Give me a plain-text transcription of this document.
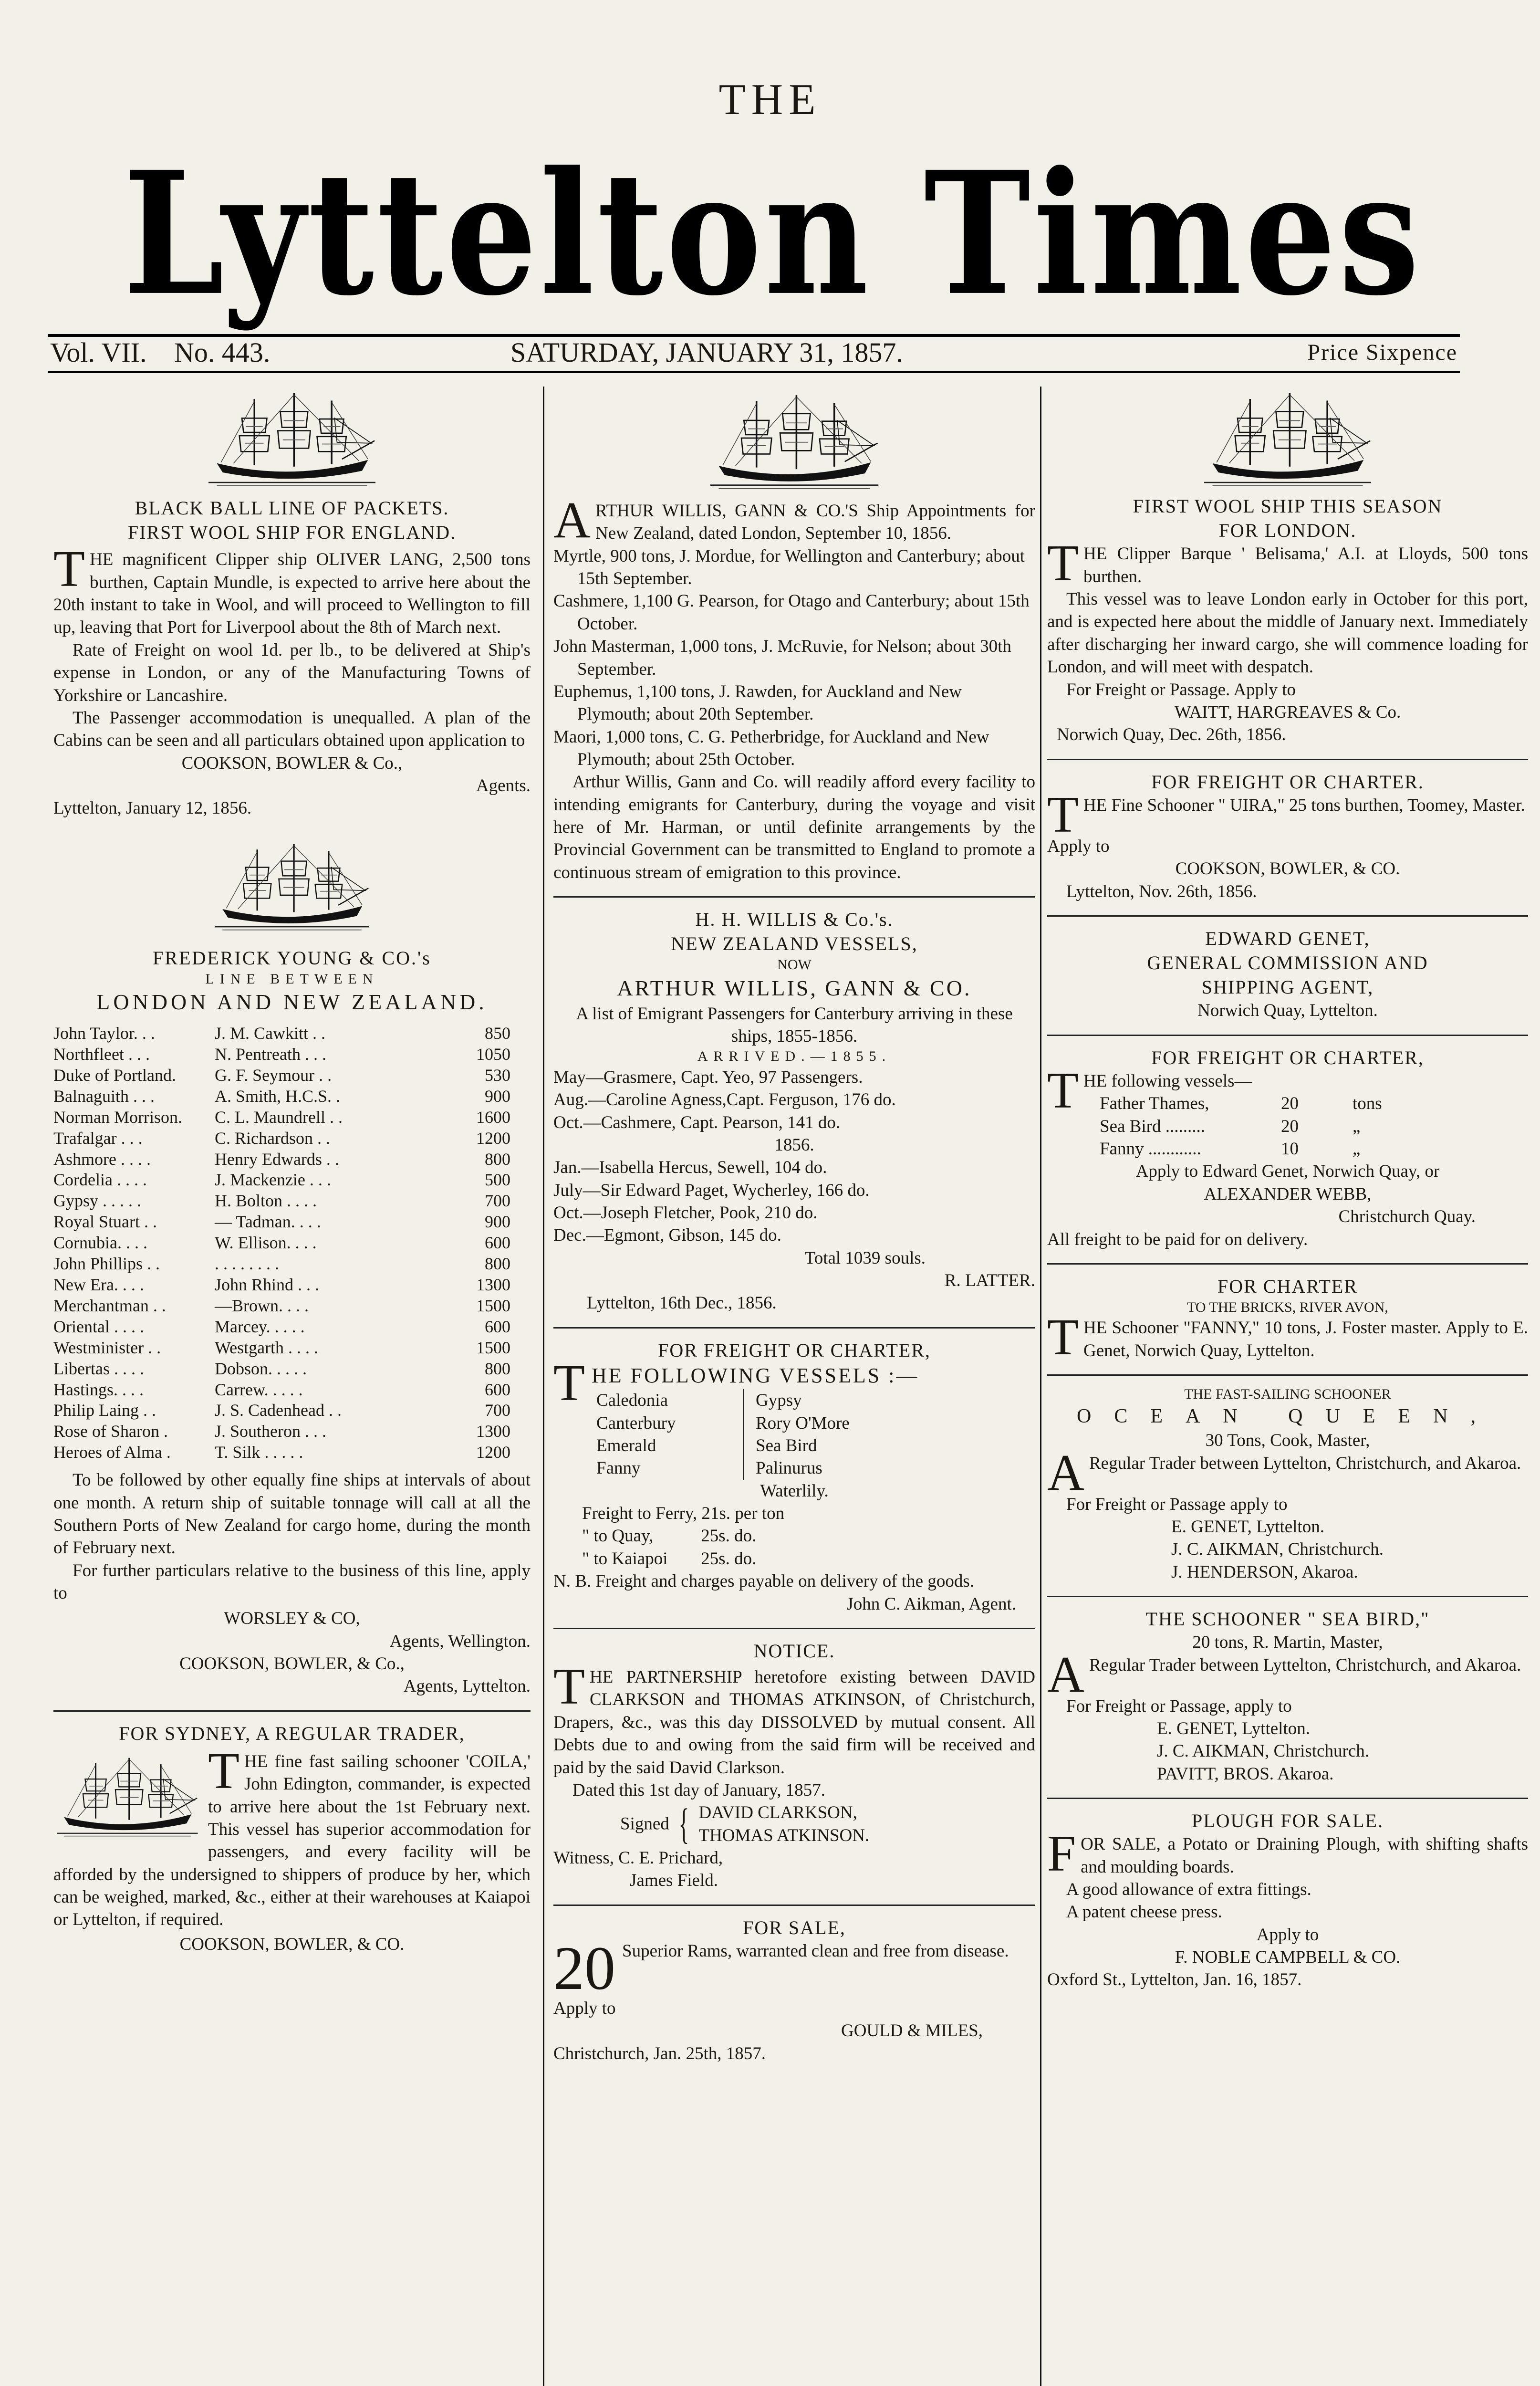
THE
Lyttelton Times
Vol. VII. No. 443.	SATURDAY, JANUARY 31, 1857.	Price Sixpence
BLACK BALL LINE OF PACKETS.
FIRST WOOL SHIP FOR ENGLAND.

THE magnificent Clipper ship OLIVER LANG, 2,500 tons burthen, Captain Mundle, is expected to arrive here about the 20th instant to take in Wool, and will proceed to Wellington to fill up, leaving that Port for Liverpool about the 8th of March next.

Rate of Freight on wool 1d. per lb., to be delivered at Ship's expense in London, or any of the Manufacturing Towns of Yorkshire or Lancashire.

The Passenger accommodation is unequalled. A plan of the Cabins can be seen and all particulars obtained upon application to

COOKSON, BOWLER & Co.,

Agents.

Lyttelton, January 12, 1856.

FREDERICK YOUNG & CO.'s
LINE BETWEEN
LONDON AND NEW ZEALAND.
John Taylor. . .	J. M. Cawkitt . .	850
Northfleet . . .	N. Pentreath . . .	1050
Duke of Portland.	G. F. Seymour . .	530
Balnaguith . . .	A. Smith, H.C.S. .	900
Norman Morrison.	C. L. Maundrell . .	1600
Trafalgar . . .	C. Richardson . .	1200
Ashmore . . . .	Henry Edwards . .	800
Cordelia . . . .	J. Mackenzie . . .	500
Gypsy . . . . .	H. Bolton . . . .	700
Royal Stuart . .	— Tadman. . . .	900
Cornubia. . . .	W. Ellison. . . .	600
John Phillips . .	. . . . . . . .	800
New Era. . . .	John Rhind . . .	1300
Merchantman . .	—Brown. . . .	1500
Oriental . . . .	Marcey. . . . .	600
Westminister . .	Westgarth . . . .	1500
Libertas . . . .	Dobson. . . . .	800
Hastings. . . .	Carrew. . . . .	600
Philip Laing . .	J. S. Cadenhead . .	700
Rose of Sharon .	J. Southeron . . .	1300
Heroes of Alma .	T. Silk . . . . .	1200

To be followed by other equally fine ships at intervals of about one month. A return ship of suitable tonnage will call at all the Southern Ports of New Zealand for cargo home, during the month of February next.

For further particulars relative to the business of this line, apply to

WORSLEY & CO,

Agents, Wellington.

COOKSON, BOWLER, & Co.,

Agents, Lyttelton.

FOR SYDNEY, A REGULAR TRADER,

THE fine fast sailing schooner 'COILA,' John Edington, commander, is expected to arrive here about the 1st February next. This vessel has superior accommodation for passengers, and every facility will be afforded by the undersigned to shippers of produce by her, which can be weighed, marked, &c., either at their warehouses at Kaiapoi or Lyttelton, if required.

COOKSON, BOWLER, & CO.

ARTHUR WILLIS, GANN & CO.'S Ship Appointments for New Zealand, dated London, September 10, 1856.

Myrtle, 900 tons, J. Mordue, for Wellington and Canterbury; about 15th September.

Cashmere, 1,100 G. Pearson, for Otago and Canterbury; about 15th October.

John Masterman, 1,000 tons, J. McRuvie, for Nelson; about 30th September.

Euphemus, 1,100 tons, J. Rawden, for Auckland and New Plymouth; about 20th September.

Maori, 1,000 tons, C. G. Petherbridge, for Auckland and New Plymouth; about 25th October.

Arthur Willis, Gann and Co. will readily afford every facility to intending emigrants for Canterbury, during the voyage and visit here of Mr. Harman, or until definite arrangements by the Provincial Government can be transmitted to England to promote a continuous stream of emigration to this province.

H. H. WILLIS & Co.'s.
NEW ZEALAND VESSELS,
NOW
ARTHUR WILLIS, GANN & CO.

A list of Emigrant Passengers for Canterbury arriving in these ships, 1855-1856.

ARRIVED.—1855.

May—Grasmere, Capt. Yeo, 97 Passengers.

Aug.—Caroline Agness,Capt. Ferguson, 176 do.

Oct.—Cashmere, Capt. Pearson, 141 do.

1856.

Jan.—Isabella Hercus, Sewell, 104 do.

July—Sir Edward Paget, Wycherley, 166 do.

Oct.—Joseph Fletcher, Pook, 210 do.

Dec.—Egmont, Gibson, 145 do.

Total 1039 souls.

R. LATTER.

Lyttelton, 16th Dec., 1856.

FOR FREIGHT OR CHARTER,

THE FOLLOWING VESSELS :—

Caledonia	Gypsy
Canterbury	Rory O'More
Emerald	Sea Bird
Fanny	Palinurus

Waterlily.

Freight to Ferry, 21s. per ton

" to Quay, 25s. do.

" to Kaiapoi 25s. do.

N. B. Freight and charges payable on delivery of the goods.

John C. Aikman, Agent.

NOTICE.

THE PARTNERSHIP heretofore existing between DAVID CLARKSON and THOMAS ATKINSON, of Christchurch, Drapers, &c., was this day DISSOLVED by mutual consent. All Debts due to and owing from the said firm will be received and paid by the said David Clarkson.

Dated this 1st day of January, 1857.

Signed { DAVID CLARKSON,
THOMAS ATKINSON.

Witness, C. E. Prichard,

James Field.

FOR SALE,

20 Superior Rams, warranted clean and free from disease.

Apply to

GOULD & MILES,

Christchurch, Jan. 25th, 1857.

FIRST WOOL SHIP THIS SEASON
FOR LONDON.

THE Clipper Barque ' Belisama,' A.I. at Lloyds, 500 tons burthen.

This vessel was to leave London early in October for this port, and is expected here about the middle of January next. Immediately after discharging her inward cargo, she will commence loading for London, and will meet with despatch.

For Freight or Passage. Apply to

WAITT, HARGREAVES & Co.

Norwich Quay, Dec. 26th, 1856.

FOR FREIGHT OR CHARTER.

THE Fine Schooner " UIRA," 25 tons burthen, Toomey, Master.

Apply to

COOKSON, BOWLER, & CO.

Lyttelton, Nov. 26th, 1856.

EDWARD GENET,
GENERAL COMMISSION AND
SHIPPING AGENT,
Norwich Quay, Lyttelton.
FOR FREIGHT OR CHARTER,

THE following vessels—

Father Thames,	20	tons
Sea Bird .........	20	„
Fanny ............	10	„

Apply to Edward Genet, Norwich Quay, or

ALEXANDER WEBB,

Christchurch Quay.

All freight to be paid for on delivery.

FOR CHARTER
TO THE BRICKS, RIVER AVON,

THE Schooner "FANNY," 10 tons, J. Foster master. Apply to E. Genet, Norwich Quay, Lyttelton.

THE FAST-SAILING SCHOONER
OCEAN QUEEN,
30 Tons, Cook, Master,

A Regular Trader between Lyttelton, Christchurch, and Akaroa.

For Freight or Passage apply to

E. GENET, Lyttelton.

J. C. AIKMAN, Christchurch.

J. HENDERSON, Akaroa.

THE SCHOONER " SEA BIRD,"
20 tons, R. Martin, Master,

A Regular Trader between Lyttelton, Christchurch, and Akaroa.

For Freight or Passage, apply to

E. GENET, Lyttelton.

J. C. AIKMAN, Christchurch.

PAVITT, BROS. Akaroa.

PLOUGH FOR SALE.

FOR SALE, a Potato or Draining Plough, with shifting shafts and moulding boards.

A good allowance of extra fittings.

A patent cheese press.

Apply to

F. NOBLE CAMPBELL & CO.

Oxford St., Lyttelton, Jan. 16, 1857.
